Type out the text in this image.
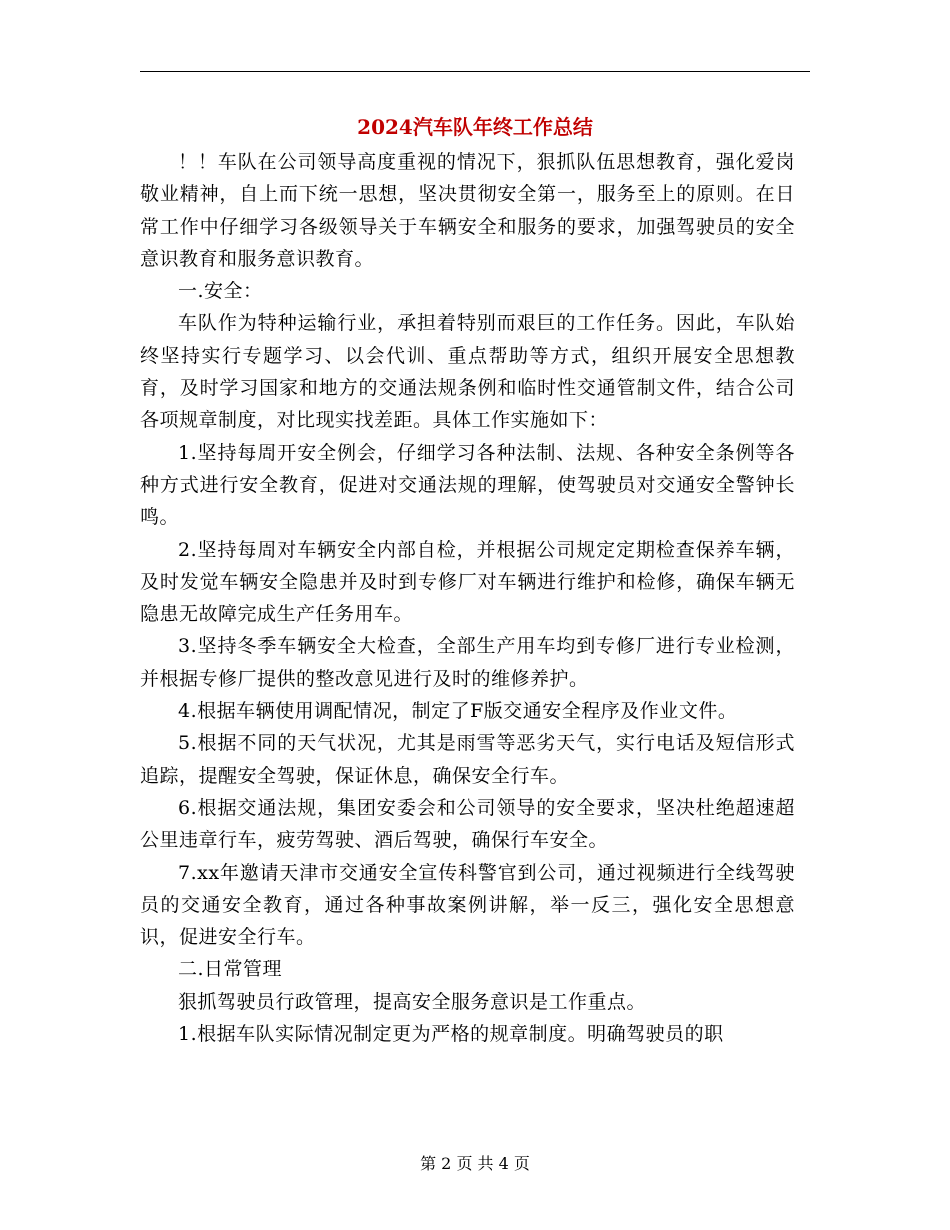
2024汽车队年终工作总结

！！车队在公司领导高度重视的情况下，狠抓队伍思想教育，强化爱岗敬业精神，自上而下统一思想，坚决贯彻安全第一，服务至上的原则。在日常工作中仔细学习各级领导关于车辆安全和服务的要求，加强驾驶员的安全意识教育和服务意识教育。

一.安全：

车队作为特种运输行业，承担着特别而艰巨的工作任务。因此，车队始终坚持实行专题学习、以会代训、重点帮助等方式，组织开展安全思想教育，及时学习国家和地方的交通法规条例和临时性交通管制文件，结合公司各项规章制度，对比现实找差距。具体工作实施如下：

1.坚持每周开安全例会，仔细学习各种法制、法规、各种安全条例等各种方式进行安全教育，促进对交通法规的理解，使驾驶员对交通安全警钟长鸣。

2.坚持每周对车辆安全内部自检，并根据公司规定定期检查保养车辆，及时发觉车辆安全隐患并及时到专修厂对车辆进行维护和检修，确保车辆无隐患无故障完成生产任务用车。

3.坚持冬季车辆安全大检查，全部生产用车均到专修厂进行专业检测，并根据专修厂提供的整改意见进行及时的维修养护。

4.根据车辆使用调配情况，制定了F版交通安全程序及作业文件。

5.根据不同的天气状况，尤其是雨雪等恶劣天气，实行电话及短信形式追踪，提醒安全驾驶，保证休息，确保安全行车。

6.根据交通法规，集团安委会和公司领导的安全要求，坚决杜绝超速超公里违章行车，疲劳驾驶、酒后驾驶，确保行车安全。

7.xx年邀请天津市交通安全宣传科警官到公司，通过视频进行全线驾驶员的交通安全教育，通过各种事故案例讲解，举一反三，强化安全思想意识，促进安全行车。

二.日常管理

狠抓驾驶员行政管理，提高安全服务意识是工作重点。

1.根据车队实际情况制定更为严格的规章制度。明确驾驶员的职

第 2 页 共 4 页
